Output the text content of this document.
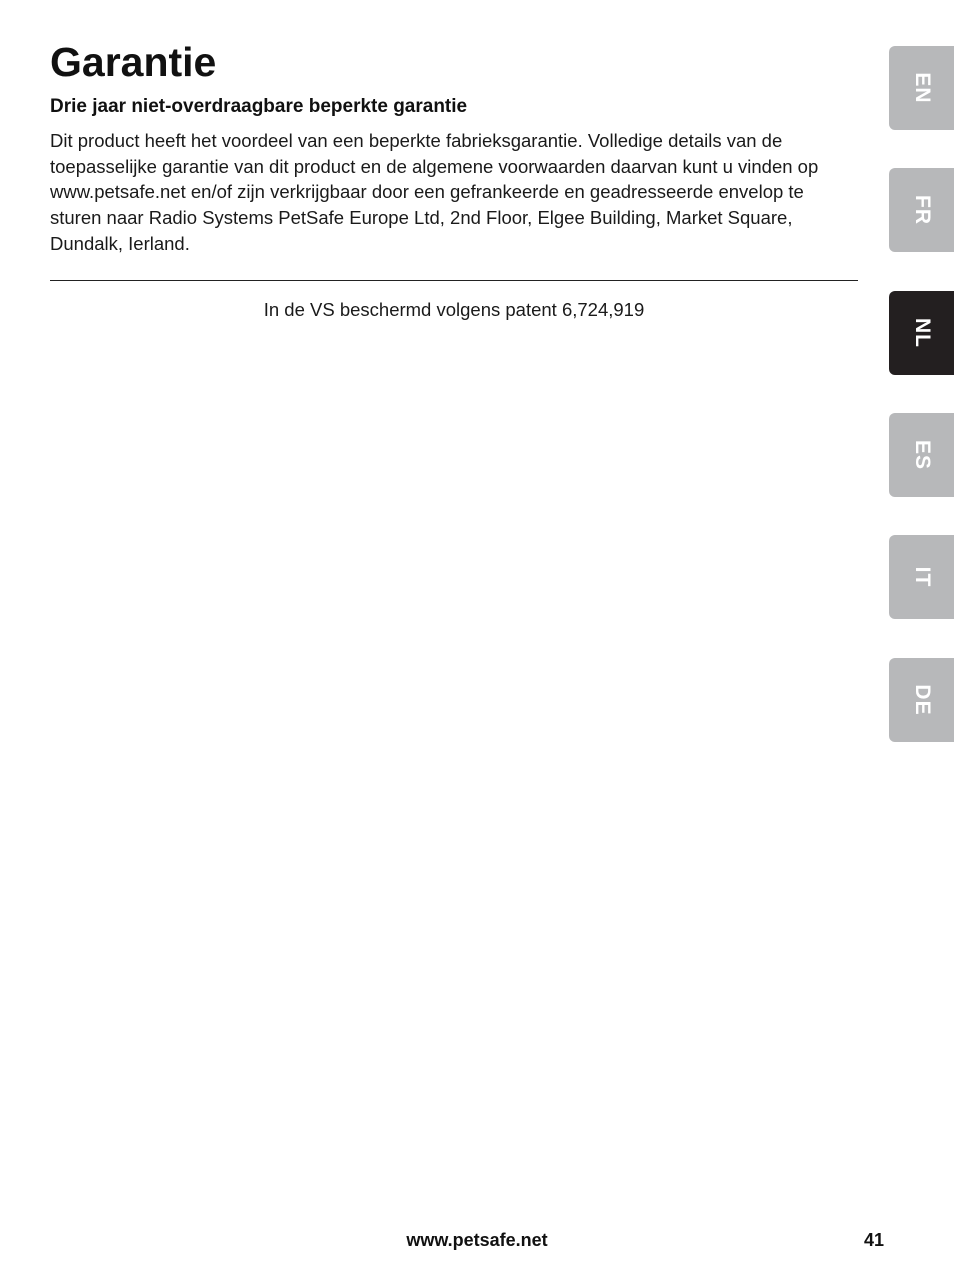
Garantie
Drie jaar niet-overdraagbare beperkte garantie

Dit product heeft het voordeel van een beperkte fabrieksgarantie. Volledige details van de toepasselijke garantie van dit product en de algemene voorwaarden daarvan kunt u vinden op www.petsafe.net en/of zijn verkrijgbaar door een gefrankeerde en geadresseerde envelop te sturen naar Radio Systems PetSafe Europe Ltd, 2nd Floor, Elgee Building, Market Square, Dundalk, Ierland.

In de VS beschermd volgens patent 6,724,919

EN
FR
NL
ES
IT
DE

www.petsafe.net	41
